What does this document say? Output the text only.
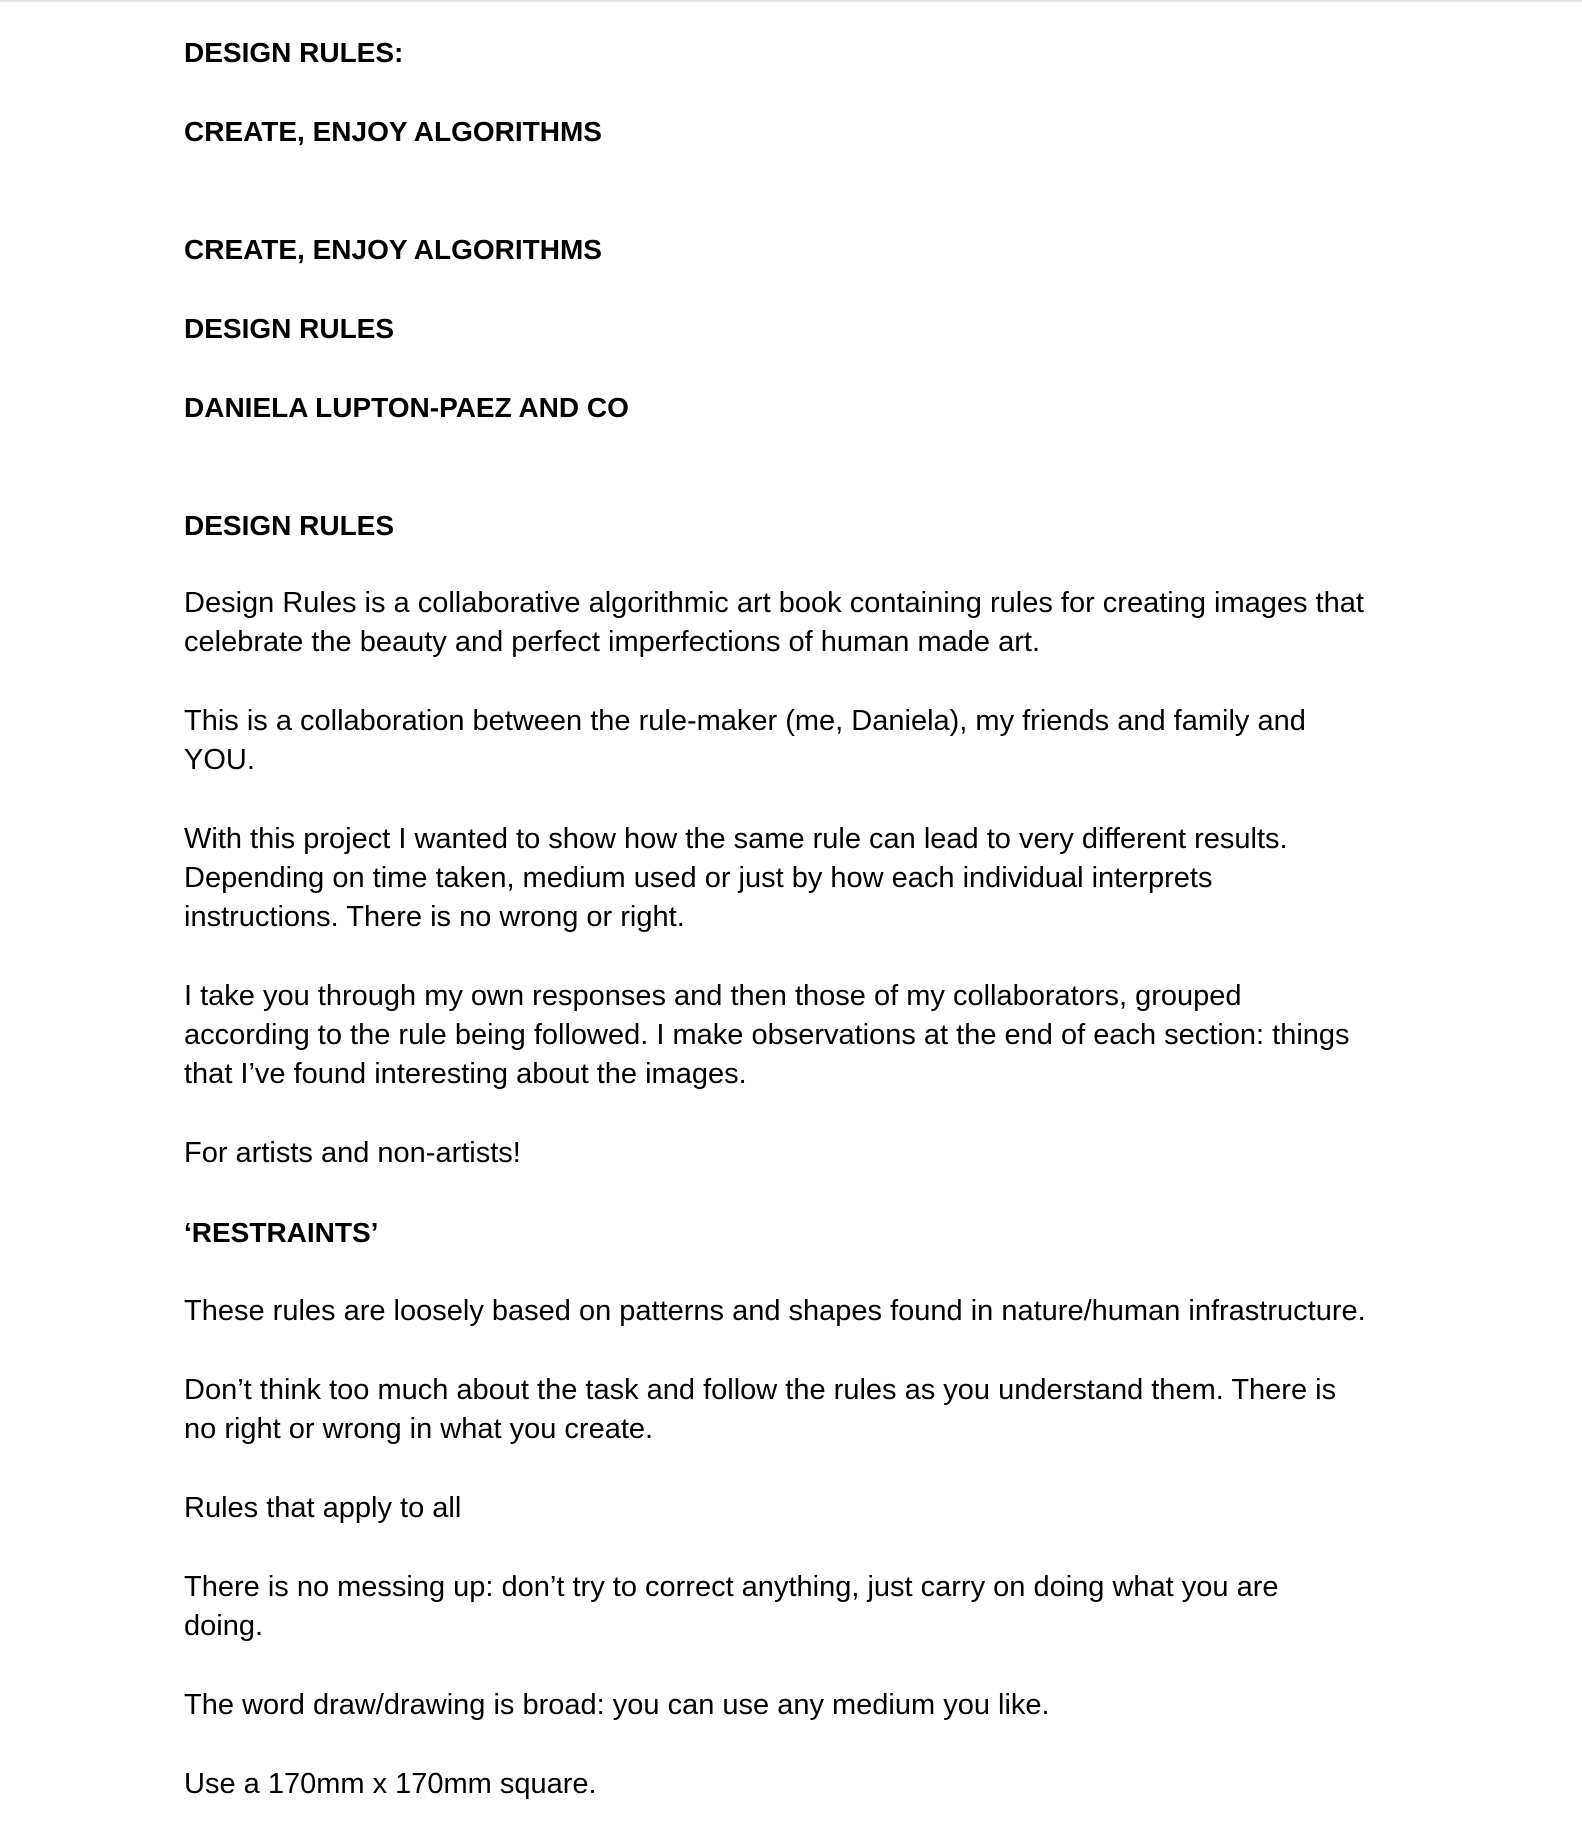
DESIGN RULES:
CREATE, ENJOY ALGORITHMS
CREATE, ENJOY ALGORITHMS
DESIGN RULES
DANIELA LUPTON-PAEZ AND CO
DESIGN RULES
Design Rules is a collaborative algorithmic art book containing rules for creating images that
celebrate the beauty and perfect imperfections of human made art.
This is a collaboration between the rule-maker (me, Daniela), my friends and family and
YOU.
With this project I wanted to show how the same rule can lead to very different results.
Depending on time taken, medium used or just by how each individual interprets
instructions. There is no wrong or right.
I take you through my own responses and then those of my collaborators, grouped
according to the rule being followed. I make observations at the end of each section: things
that I’ve found interesting about the images.
For artists and non-artists!
‘RESTRAINTS’
These rules are loosely based on patterns and shapes found in nature/human infrastructure.
Don’t think too much about the task and follow the rules as you understand them. There is
no right or wrong in what you create.
Rules that apply to all
There is no messing up: don’t try to correct anything, just carry on doing what you are
doing.
The word draw/drawing is broad: you can use any medium you like.
Use a 170mm x 170mm square.
